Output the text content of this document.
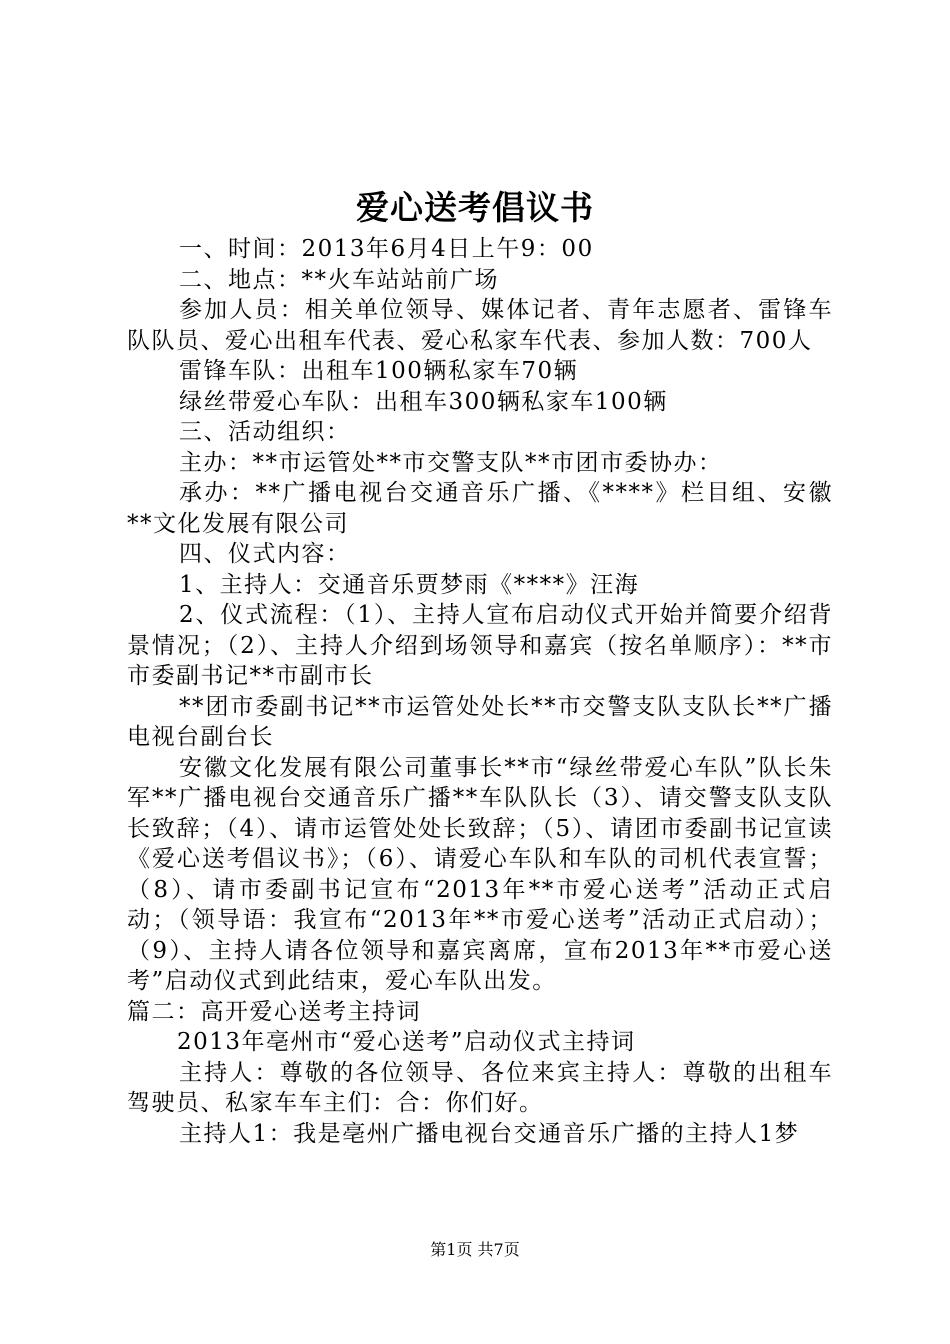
爱心送考倡议书

一、时间：2013年6月4日上午9：00

二、地点：**火车站站前广场

参加人员：相关单位领导、媒体记者、青年志愿者、雷锋车队队员、爱心出租车代表、爱心私家车代表、参加人数：700人

雷锋车队：出租车100辆私家车70辆

绿丝带爱心车队：出租车300辆私家车100辆

三、活动组织：

主办：**市运管处**市交警支队**市团市委协办：

承办：**广播电视台交通音乐广播、《****》栏目组、安徽**文化发展有限公司

四、仪式内容：

1、主持人：交通音乐贾梦雨《****》汪海

2、仪式流程：（1）、主持人宣布启动仪式开始并简要介绍背景情况；（2）、主持人介绍到场领导和嘉宾（按名单顺序）：**市市委副书记**市副市长

**团市委副书记**市运管处处长**市交警支队支队长**广播电视台副台长

安徽文化发展有限公司董事长**市“绿丝带爱心车队”队长朱军**广播电视台交通音乐广播**车队队长（3）、请交警支队支队长致辞；（4）、请市运管处处长致辞；（5）、请团市委副书记宣读《爱心送考倡议书》；（6）、请爱心车队和车队的司机代表宣誓；（8）、请市委副书记宣布“2013年**市爱心送考”活动正式启动；（领导语：我宣布“2013年**市爱心送考”活动正式启动）；（9）、主持人请各位领导和嘉宾离席，宣布2013年**市爱心送考”启动仪式到此结束，爱心车队出发。

篇二：高开爱心送考主持词

2013年亳州市“爱心送考”启动仪式主持词

主持人：尊敬的各位领导、各位来宾主持人：尊敬的出租车驾驶员、私家车车主们：合：你们好。

主持人1：我是亳州广播电视台交通音乐广播的主持人1梦

第1页 共7页
